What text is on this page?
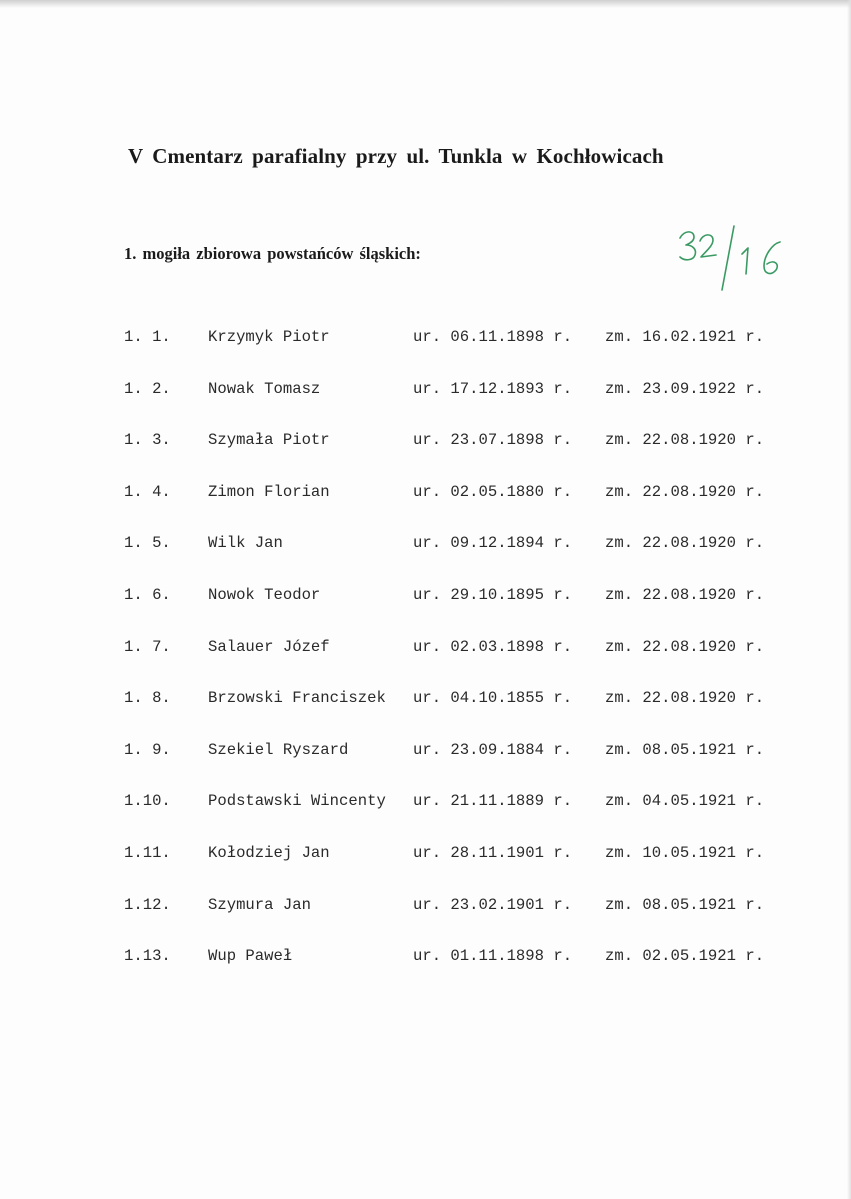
V Cmentarz parafialny przy ul. Tunkla w Kochłowicach
1. mogiła zbiorowa powstańców śląskich:
1. 1. Krzymyk Piotr	ur. 06.11.1898 r. zm. 16.02.1921 r.
1. 2. Nowak Tomasz	ur. 17.12.1893 r. zm. 23.09.1922 r.
1. 3. Szymała Piotr	ur. 23.07.1898 r. zm. 22.08.1920 r.
1. 4. Zimon Florian	ur. 02.05.1880 r. zm. 22.08.1920 r.
1. 5. Wilk Jan	ur. 09.12.1894 r. zm. 22.08.1920 r.
1. 6. Nowok Teodor	ur. 29.10.1895 r. zm. 22.08.1920 r.
1. 7. Salauer Józef	ur. 02.03.1898 r. zm. 22.08.1920 r.
1. 8. Brzowski Franciszek ur. 04.10.1855 r. zm. 22.08.1920 r.
1. 9. Szekiel Ryszard	ur. 23.09.1884 r. zm. 08.05.1921 r.
1.10. Podstawski Wincenty ur. 21.11.1889 r. zm. 04.05.1921 r.
1.11. Kołodziej Jan	ur. 28.11.1901 r. zm. 10.05.1921 r.
1.12. Szymura Jan	ur. 23.02.1901 r. zm. 08.05.1921 r.
1.13. Wup Paweł	ur. 01.11.1898 r. zm. 02.05.1921 r.
